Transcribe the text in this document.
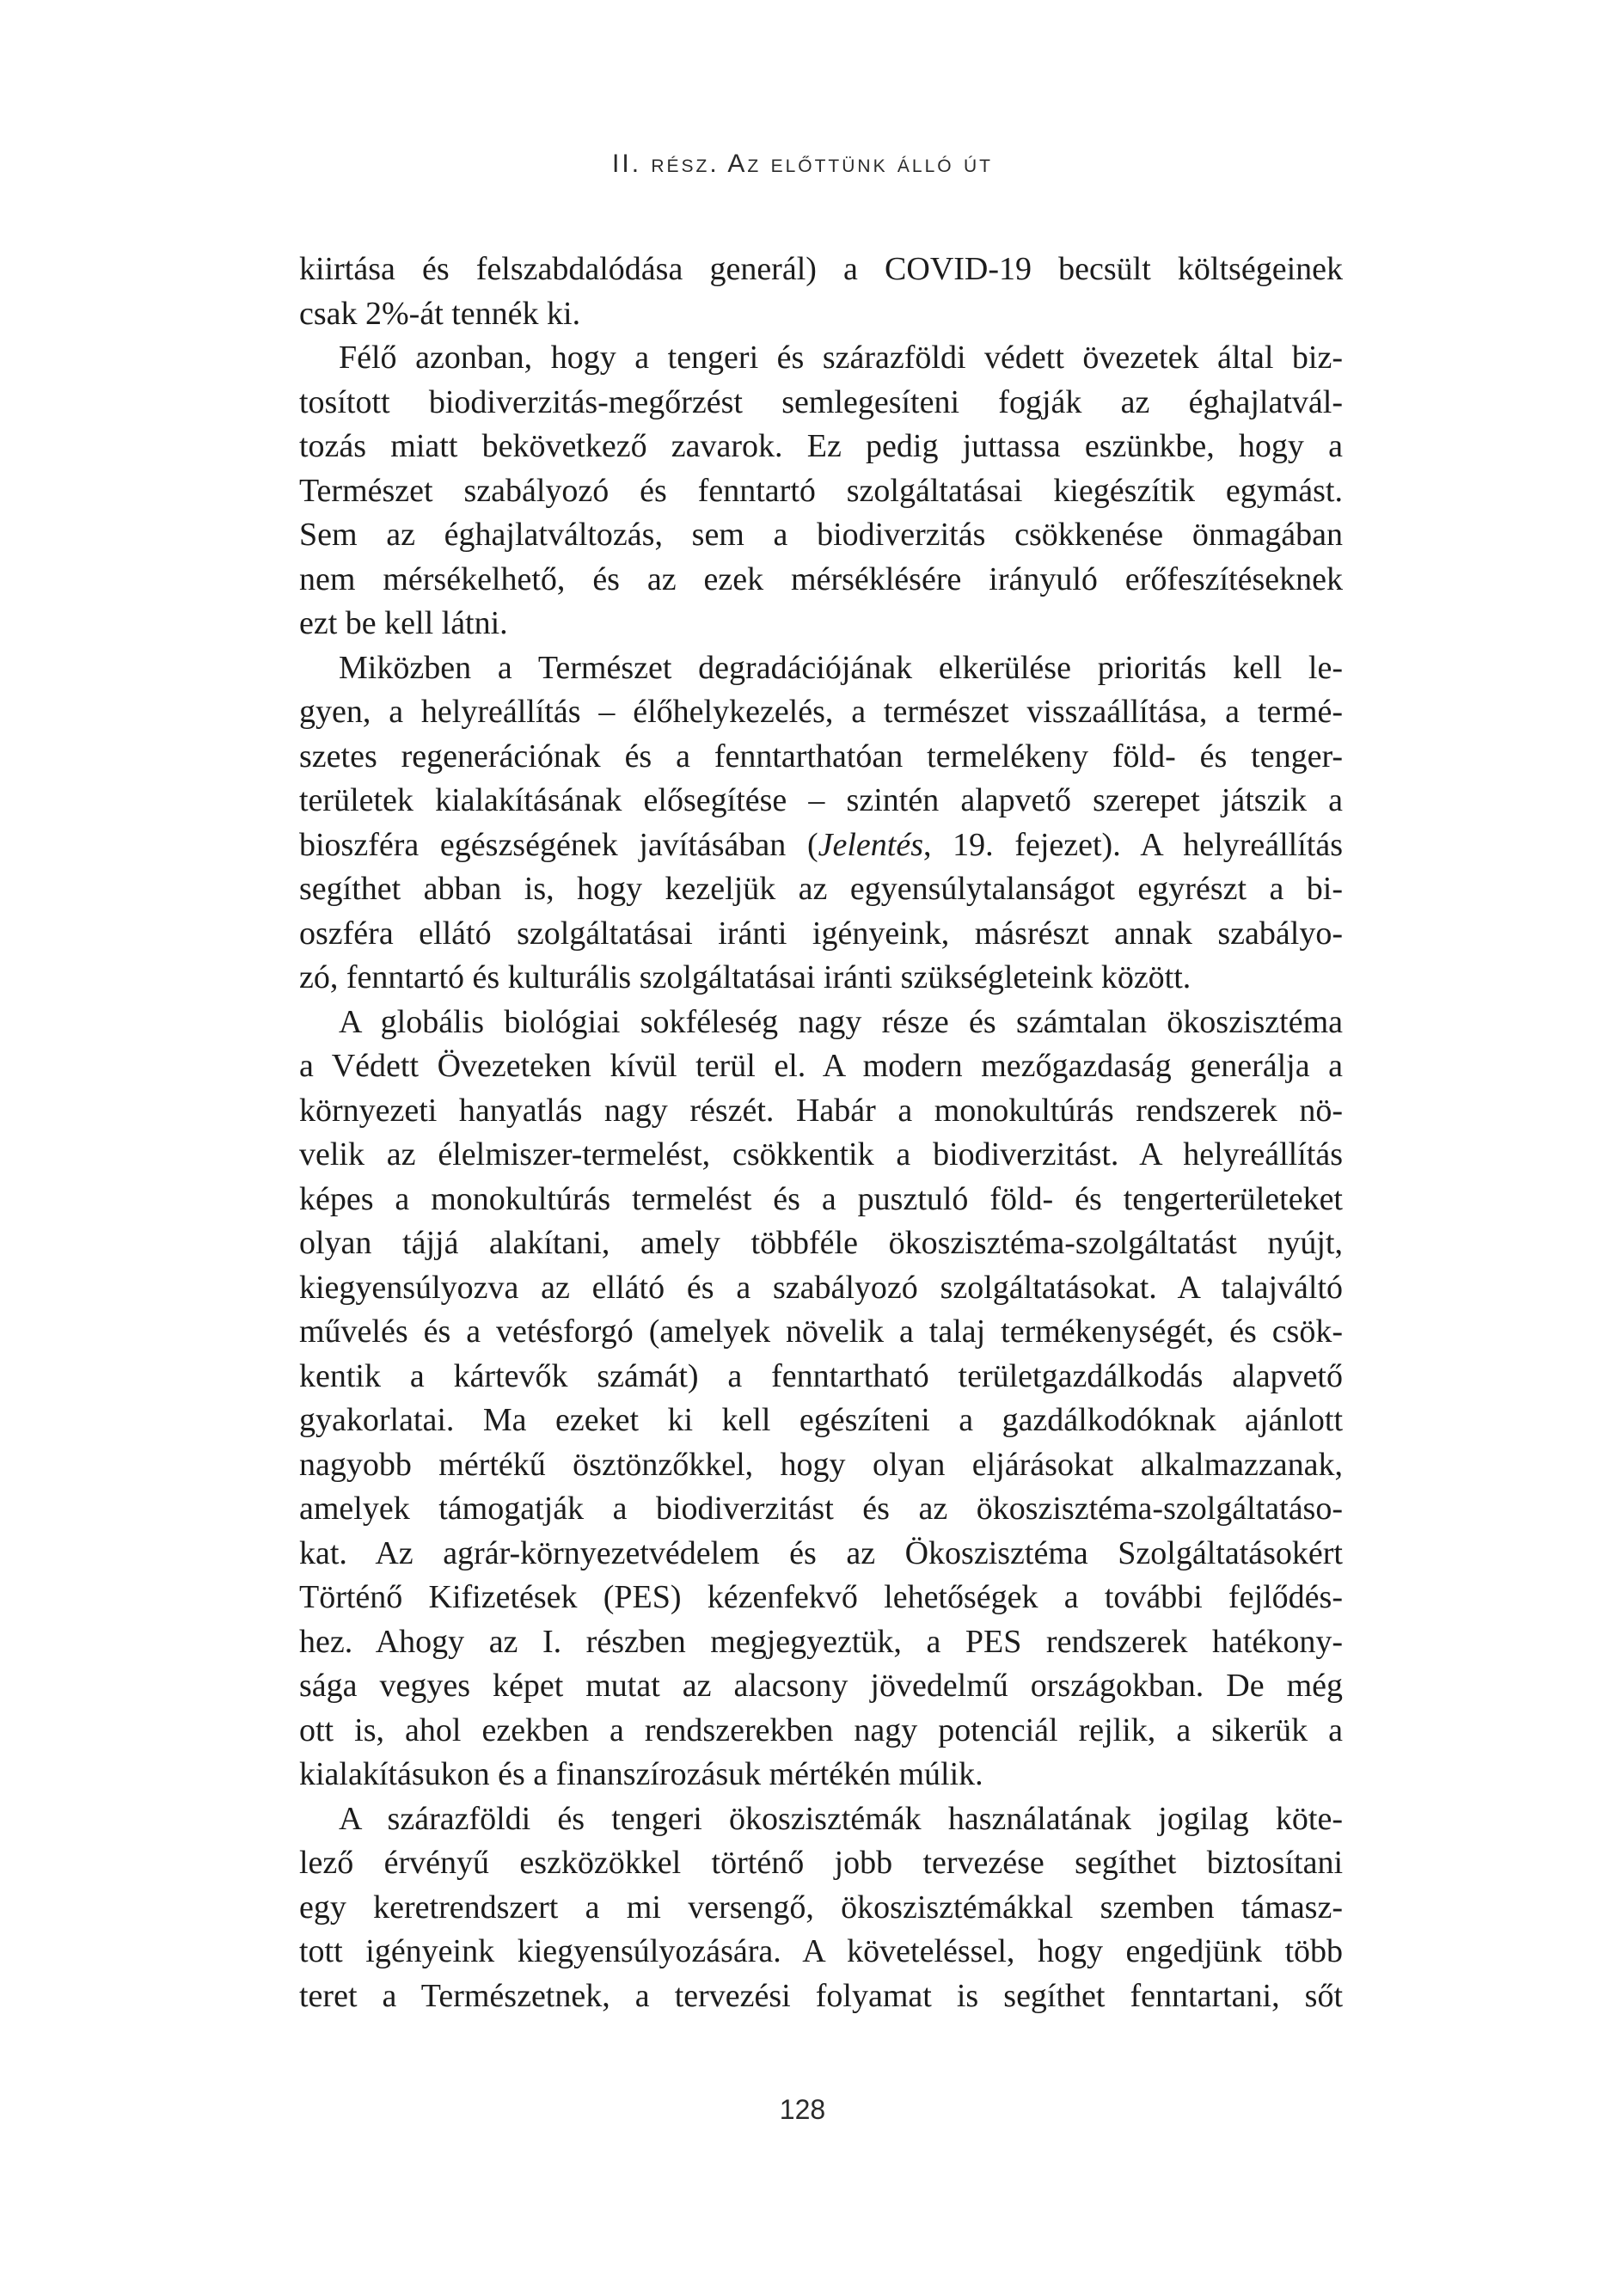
II. rész. Az előttünk álló út
kiirtása és felszabdalódása generál) a COVID-19 becsült költségeinek
csak 2%-át tennék ki.
Félő azonban, hogy a tengeri és szárazföldi védett övezetek által biz-
tosított biodiverzitás-megőrzést semlegesíteni fogják az éghajlatvál-
tozás miatt bekövetkező zavarok. Ez pedig juttassa eszünkbe, hogy a
Természet szabályozó és fenntartó szolgáltatásai kiegészítik egymást.
Sem az éghajlatváltozás, sem a biodiverzitás csökkenése önmagában
nem mérsékelhető, és az ezek mérséklésére irányuló erőfeszítéseknek
ezt be kell látni.
Miközben a Természet degradációjának elkerülése prioritás kell le-
gyen, a helyreállítás – élőhelykezelés, a természet visszaállítása, a termé-
szetes regenerációnak és a fenntarthatóan termelékeny föld- és tenger-
területek kialakításának elősegítése – szintén alapvető szerepet játszik a
bioszféra egészségének javításában (Jelentés, 19. fejezet). A helyreállítás
segíthet abban is, hogy kezeljük az egyensúlytalanságot egyrészt a bi-
oszféra ellátó szolgáltatásai iránti igényeink, másrészt annak szabályo-
zó, fenntartó és kulturális szolgáltatásai iránti szükségleteink között.
A globális biológiai sokféleség nagy része és számtalan ökoszisztéma
a Védett Övezeteken kívül terül el. A modern mezőgazdaság generálja a
környezeti hanyatlás nagy részét. Habár a monokultúrás rendszerek nö-
velik az élelmiszer-termelést, csökkentik a biodiverzitást. A helyreállítás
képes a monokultúrás termelést és a pusztuló föld- és tengerterületeket
olyan tájjá alakítani, amely többféle ökoszisztéma-szolgáltatást nyújt,
kiegyensúlyozva az ellátó és a szabályozó szolgáltatásokat. A talajváltó
művelés és a vetésforgó (amelyek növelik a talaj termékenységét, és csök-
kentik a kártevők számát) a fenntartható területgazdálkodás alapvető
gyakorlatai. Ma ezeket ki kell egészíteni a gazdálkodóknak ajánlott
nagyobb mértékű ösztönzőkkel, hogy olyan eljárásokat alkalmazzanak,
amelyek támogatják a biodiverzitást és az ökoszisztéma-szolgáltatáso-
kat. Az agrár-környezetvédelem és az Ökoszisztéma Szolgáltatásokért
Történő Kifizetések (PES) kézenfekvő lehetőségek a további fejlődés-
hez. Ahogy az I. részben megjegyeztük, a PES rendszerek hatékony-
sága vegyes képet mutat az alacsony jövedelmű országokban. De még
ott is, ahol ezekben a rendszerekben nagy potenciál rejlik, a sikerük a
kialakításukon és a finanszírozásuk mértékén múlik.
A szárazföldi és tengeri ökoszisztémák használatának jogilag köte-
lező érvényű eszközökkel történő jobb tervezése segíthet biztosítani
egy keretrendszert a mi versengő, ökoszisztémákkal szemben támasz-
tott igényeink kiegyensúlyozására. A követeléssel, hogy engedjünk több
teret a Természetnek, a tervezési folyamat is segíthet fenntartani, sőt
128
